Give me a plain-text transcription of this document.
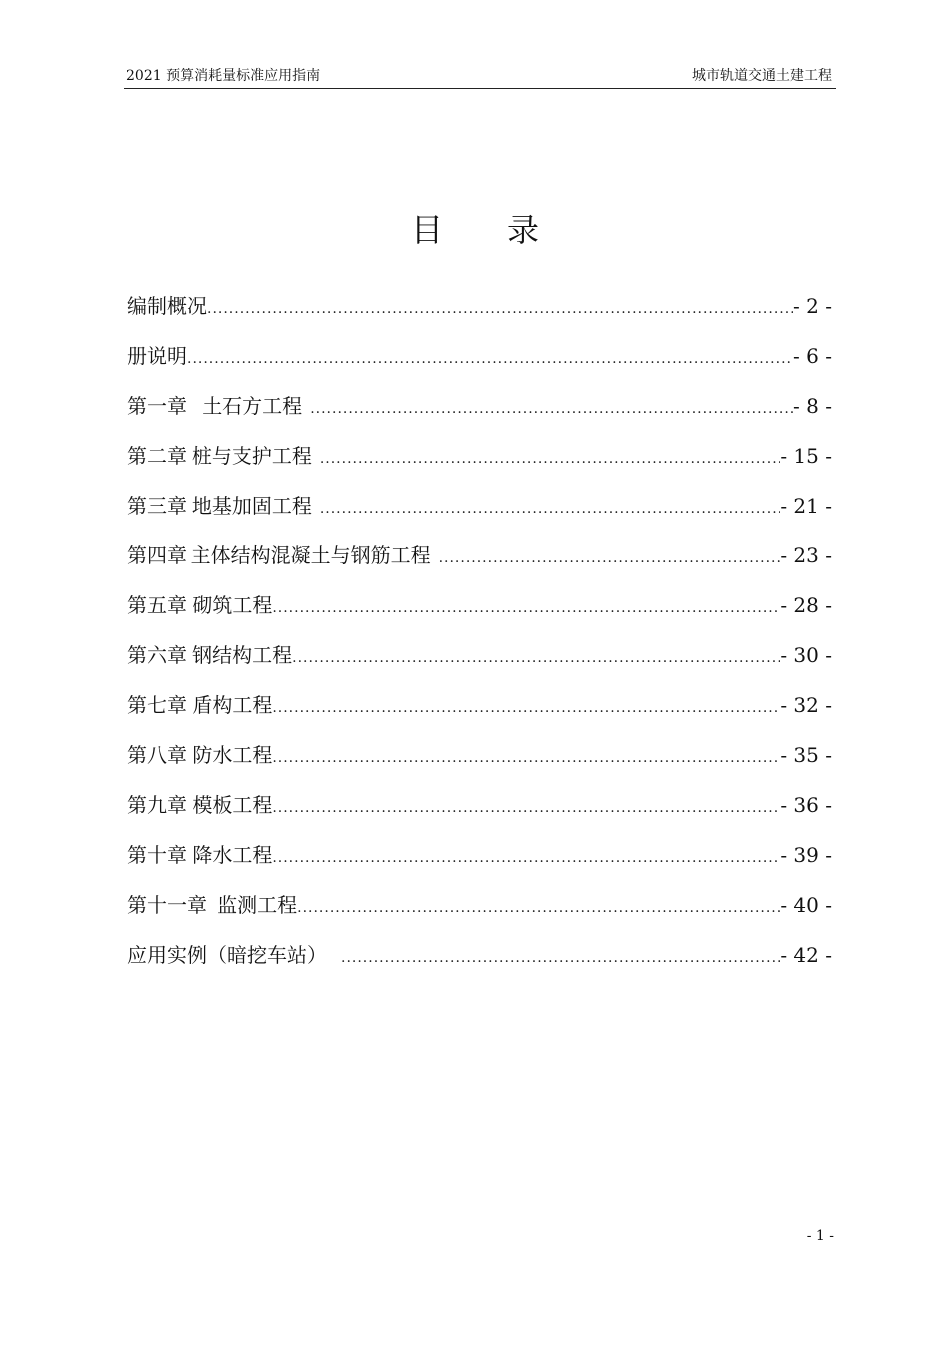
2021 预算消耗量标准应用指南	城市轨道交通土建工程
目录
编制概况 .....	- 2 -
册说明 .....	- 6 -
第一章 土石方工程 .....	- 8 -
第二章 桩与支护工程 .....	- 15 -
第三章 地基加固工程 .....	- 21 -
第四章 主体结构混凝土与钢筋工程 .....	- 23 -
第五章 砌筑工程 .....	- 28 -
第六章 钢结构工程 .....	- 30 -
第七章 盾构工程 .....	- 32 -
第八章 防水工程 .....	- 35 -
第九章 模板工程 .....	- 36 -
第十章 降水工程 .....	- 39 -
第十一章 监测工程 .....	- 40 -
应用实例（暗挖车站） .....	- 42 -
- 1 -
